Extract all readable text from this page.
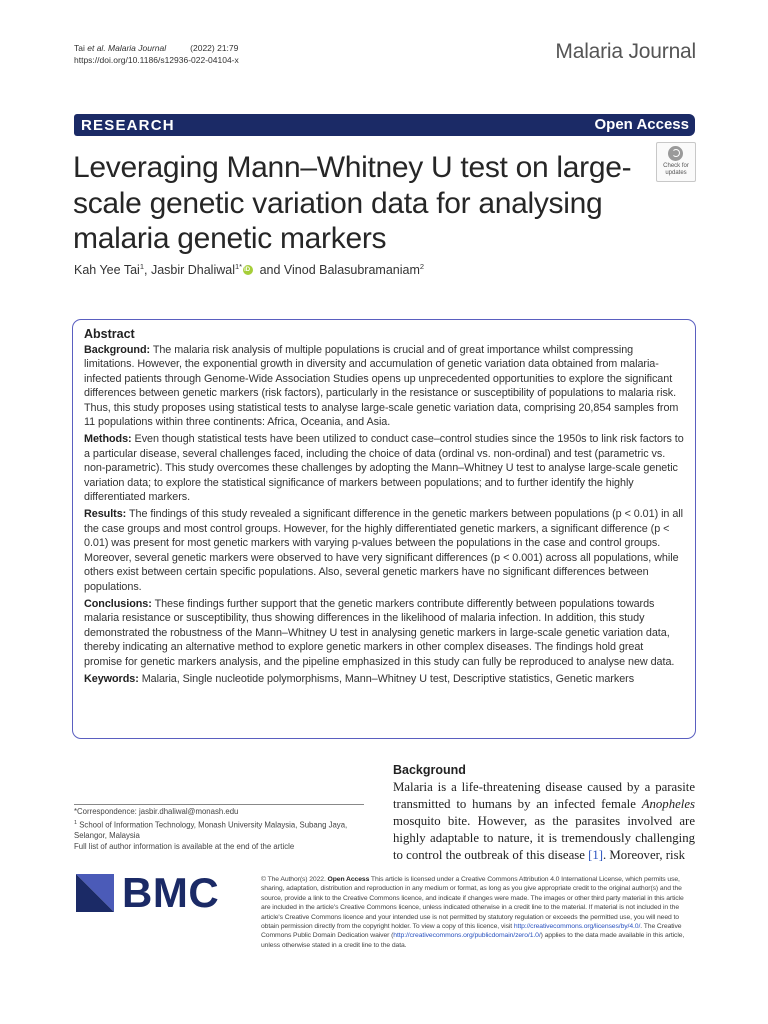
Tai et al. Malaria Journal	(2022) 21:79
https://doi.org/10.1186/s12936-022-04104-x	Malaria Journal
RESEARCH	Open Access
Check for
updates
Leveraging Mann–Whitney U test on large-scale genetic variation data for analysing malaria genetic markers
Kah Yee Tai$^1$, Jasbir Dhaliwal$^{1*}$iD and Vinod Balasubramaniam$^2$
Abstract

Background: The malaria risk analysis of multiple populations is crucial and of great importance whilst compressing limitations. However, the exponential growth in diversity and accumulation of genetic variation data obtained from malaria-infected patients through Genome-Wide Association Studies opens up unprecedented opportunities to explore the significant differences between genetic markers (risk factors), particularly in the resistance or susceptibility of populations to malaria risk. Thus, this study proposes using statistical tests to analyse large-scale genetic variation data, comprising 20,854 samples from 11 populations within three continents: Africa, Oceania, and Asia.

Methods: Even though statistical tests have been utilized to conduct case–control studies since the 1950s to link risk factors to a particular disease, several challenges faced, including the choice of data (ordinal vs. non-ordinal) and test (parametric vs. non-parametric). This study overcomes these challenges by adopting the Mann–Whitney U test to analyse large-scale genetic variation data; to explore the statistical significance of markers between populations; and to further identify the highly differentiated markers.

Results: The findings of this study revealed a significant difference in the genetic markers between populations (p < 0.01) in all the case groups and most control groups. However, for the highly differentiated genetic markers, a significant difference (p < 0.01) was present for most genetic markers with varying p-values between the populations in the case and control groups. Moreover, several genetic markers were observed to have very significant differences (p < 0.001) across all populations, while others exist between certain specific populations. Also, several genetic markers have no significant differences between populations.

Conclusions: These findings further support that the genetic markers contribute differently between populations towards malaria resistance or susceptibility, thus showing differences in the likelihood of malaria infection. In addition, this study demonstrated the robustness of the Mann–Whitney U test in analysing genetic markers in large-scale genetic variation data, thereby indicating an alternative method to explore genetic markers in other complex diseases. The findings hold great promise for genetic markers analysis, and the pipeline emphasized in this study can fully be reproduced to analyse new data.

Keywords: Malaria, Single nucleotide polymorphisms, Mann–Whitney U test, Descriptive statistics, Genetic markers

Background
Malaria is a life-threatening disease caused by a parasite transmitted to humans by an infected female Anopheles mosquito bite. However, as the parasites involved are highly adaptable to nature, it is tremendously challenging to control the outbreak of this disease [1]. Moreover, risk

*Correspondence: jasbir.dhaliwal@monash.edu

$^1$ School of Information Technology, Monash University Malaysia, Subang Jaya, Selangor, Malaysia

Full list of author information is available at the end of the article

BMC	© The Author(s) 2022. Open Access This article is licensed under a Creative Commons Attribution 4.0 International License, which permits use, sharing, adaptation, distribution and reproduction in any medium or format, as long as you give appropriate credit to the original author(s) and the source, provide a link to the Creative Commons licence, and indicate if changes were made. The images or other third party material in this article are included in the article's Creative Commons licence, unless indicated otherwise in a credit line to the material. If material is not included in the article's Creative Commons licence and your intended use is not permitted by statutory regulation or exceeds the permitted use, you will need to obtain permission directly from the copyright holder. To view a copy of this licence, visit http://creativecommons.org/licenses/by/4.0/. The Creative Commons Public Domain Dedication waiver (http://creativecommons.org/publicdomain/zero/1.0/) applies to the data made available in this article, unless otherwise stated in a credit line to the data.
